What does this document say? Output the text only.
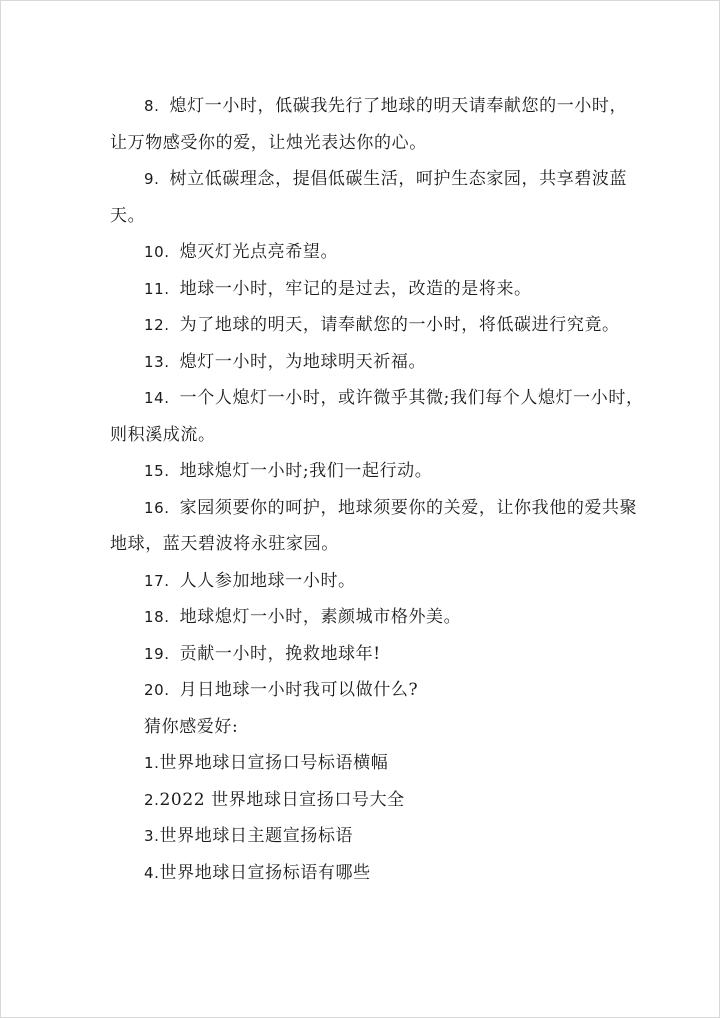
8. 熄灯一小时，低碳我先行了地球的明天请奉献您的一小时，
让万物感受你的爱，让烛光表达你的心。
9. 树立低碳理念，提倡低碳生活，呵护生态家园，共享碧波蓝
天。
10. 熄灭灯光点亮希望。
11. 地球一小时，牢记的是过去，改造的是将来。
12. 为了地球的明天，请奉献您的一小时，将低碳进行究竟。
13. 熄灯一小时，为地球明天祈福。
14. 一个人熄灯一小时，或许微乎其微;我们每个人熄灯一小时，
则积溪成流。
15. 地球熄灯一小时;我们一起行动。
16. 家园须要你的呵护，地球须要你的关爱，让你我他的爱共聚
地球，蓝天碧波将永驻家园。
17. 人人参加地球一小时。
18. 地球熄灯一小时，素颜城市格外美。
19. 贡献一小时，挽救地球年!
20. 月日地球一小时我可以做什么?

猜你感爱好:

1.世界地球日宣扬口号标语横幅
2.2022 世界地球日宣扬口号大全
3.世界地球日主题宣扬标语
4.世界地球日宣扬标语有哪些
